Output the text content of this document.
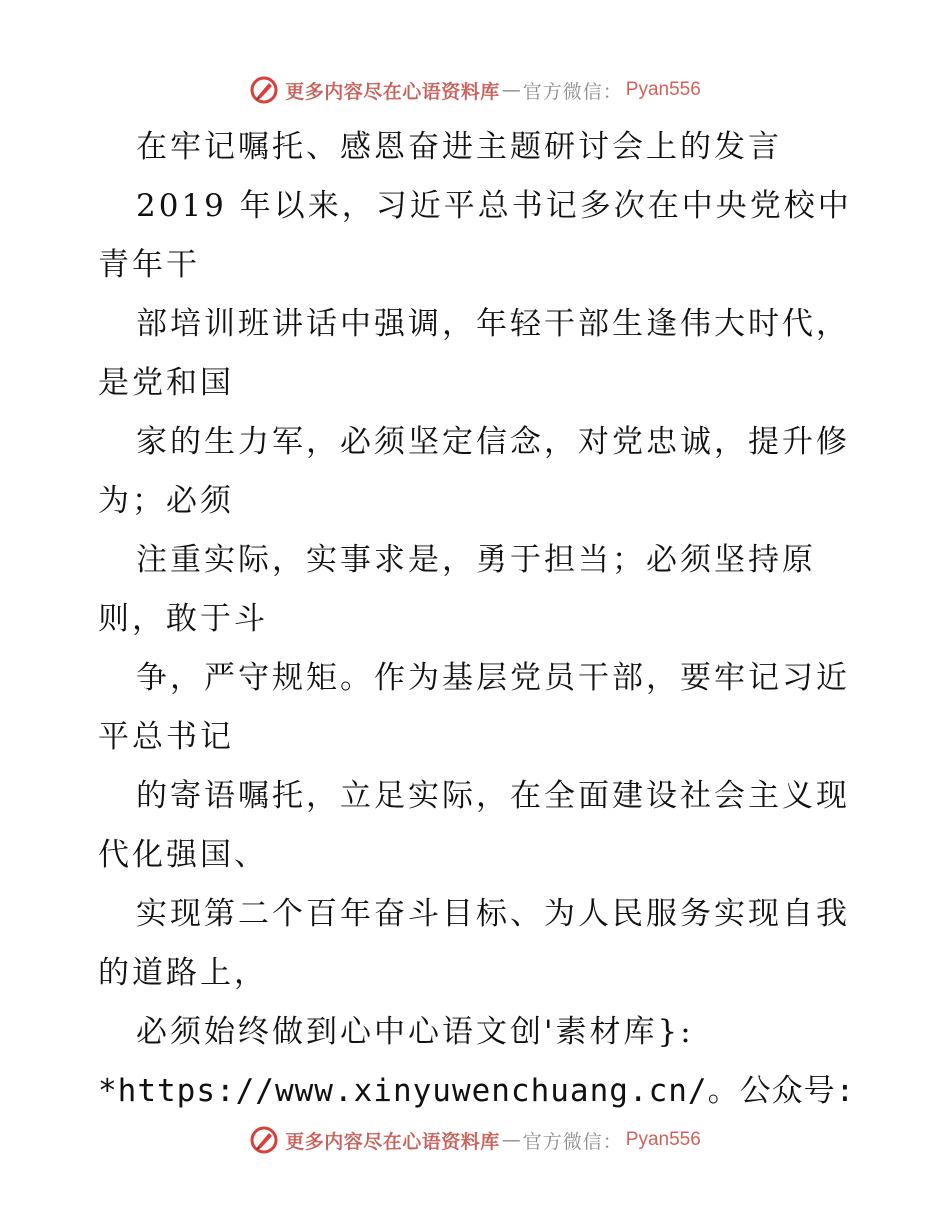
更多内容尽在心语资料库 — 官方微信 ： Pyan556
在牢记嘱托、感恩奋进主题研讨会上的发言
2019 年以来，习近平总书记多次在中央党校中
青年干
部培训班讲话中强调，年轻干部生逢伟大时代，
是党和国
家的生力军，必须坚定信念，对党忠诚，提升修
为；必须
注重实际，实事求是，勇于担当；必须坚持原
则，敢于斗
争，严守规矩。作为基层党员干部，要牢记习近
平总书记
的寄语嘱托，立足实际，在全面建设社会主义现
代化强国、
实现第二个百年奋斗目标、为人民服务实现自我
的道路上，
必须始终做到心中心语文创'素材库}:
*https://www.xinyuwenchuang.cn/。公众号:
更多内容尽在心语资料库 — 官方微信 ： Pyan556
